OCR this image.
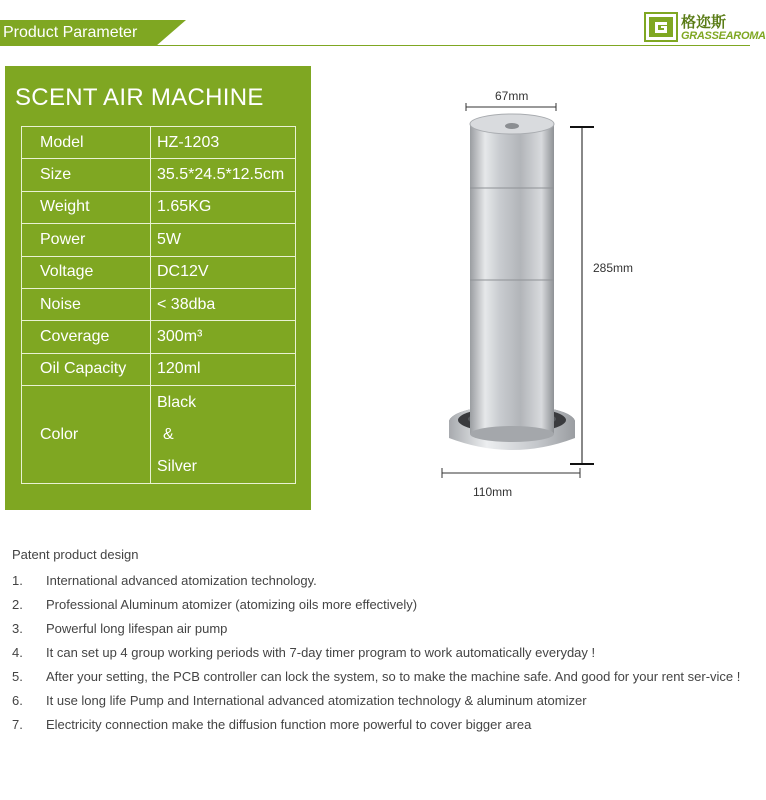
Product Parameter
格迩斯
GRASSEAROMA
SCENT AIR MACHINE
Model	HZ-1203
Size	35.5*24.5*12.5cm
Weight	1.65KG
Power	5W
Voltage	DC12V
Noise	< 38dba
Coverage	300m³
Oil Capacity	120ml
Color	Black
&
Silver
67mm
285mm
110mm
Patent product design
1.	International advanced atomization technology.
2.	Professional Aluminum atomizer (atomizing oils more effectively)
3.	Powerful long lifespan air pump
4.	It can set up 4 group working periods with 7-day timer program to work automatically everyday !
5.	After your setting, the PCB controller can lock the system, so to make the machine safe. And good for your rent ser-vice !
6.	It use long life Pump and International advanced atomization technology & aluminum atomizer
7.	Electricity connection make the diffusion function more powerful to cover bigger area
